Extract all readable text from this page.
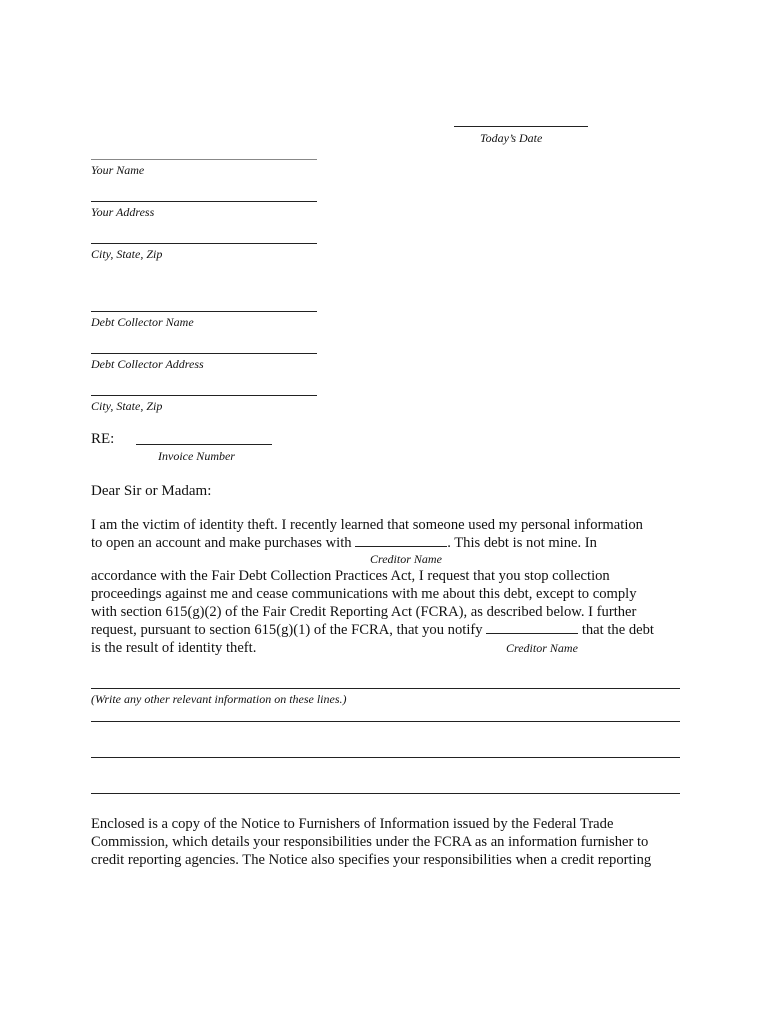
Today’s Date
Your Name
Your Address
City, State, Zip
Debt Collector Name
Debt Collector Address
City, State, Zip
RE:
Invoice Number
Dear Sir or Madam:
I am the victim of identity theft. I recently learned that someone used my personal information
to open an account and make purchases with	. This debt is not mine. In
Creditor Name
accordance with the Fair Debt Collection Practices Act, I request that you stop collection
proceedings against me and cease communications with me about this debt, except to comply
with section 615(g)(2) of the Fair Credit Reporting Act (FCRA), as described below. I further
request, pursuant to section 615(g)(1) of the FCRA, that you notify	that the debt
is the result of identity theft.	Creditor Name
(Write any other relevant information on these lines.)
Enclosed is a copy of the Notice to Furnishers of Information issued by the Federal Trade
Commission, which details your responsibilities under the FCRA as an information furnisher to
credit reporting agencies. The Notice also specifies your responsibilities when a credit reporting
